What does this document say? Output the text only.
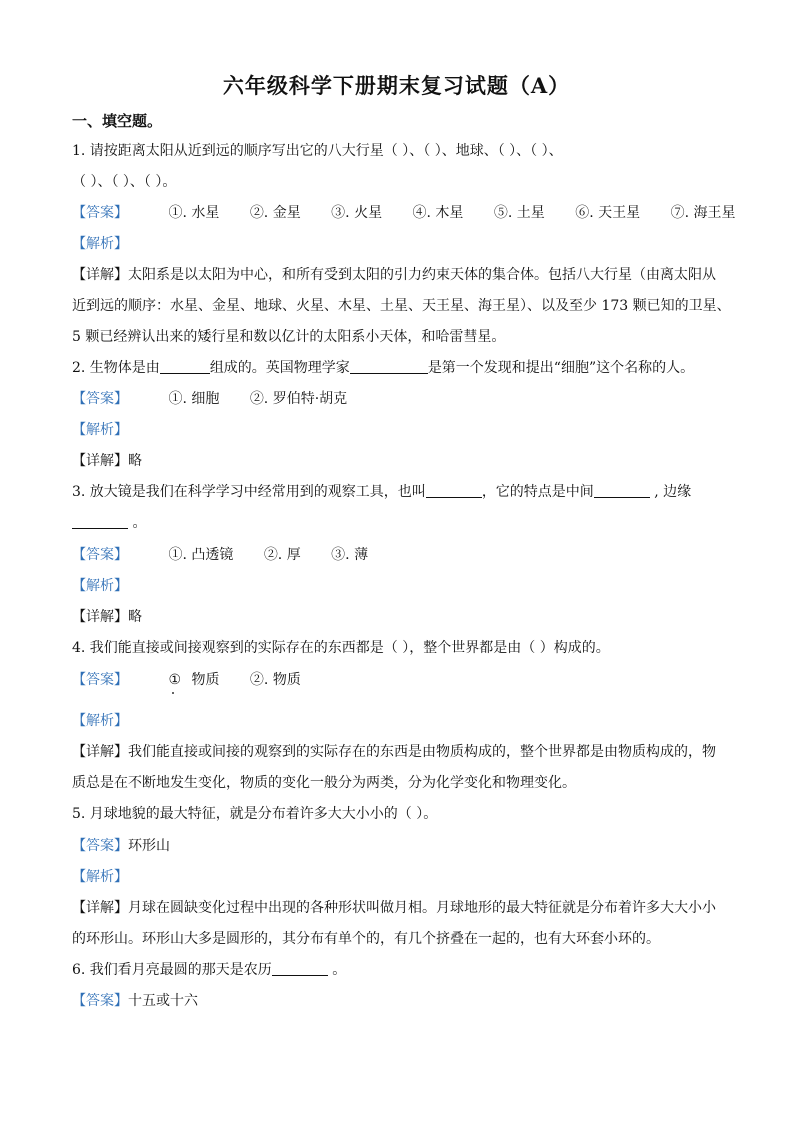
六年级科学下册期末复习试题（A）
一、填空题。
1. 请按距离太阳从近到远的顺序写出它的八大行星（ ）、（ ）、地球、（ ）、（ ）、
（ ）、（ ）、（ ）。
【答案】	①. 水星 ②. 金星 ③. 火星 ④. 木星 ⑤. 土星 ⑥. 天王星 ⑦. 海王星
【解析】
【详解】太阳系是以太阳为中心，和所有受到太阳的引力约束天体的集合体。包括八大行星（由离太阳从
近到远的顺序：水星、金星、地球、火星、木星、土星、天王星、海王星）、以及至少 173 颗已知的卫星、
5 颗已经辨认出来的矮行星和数以亿计的太阳系小天体，和哈雷彗星。
2. 生物体是由	组成的。英国物理学家	是第一个发现和提出“细胞”这个名称的人。
【答案】	①. 细胞 ②. 罗伯特·胡克
【解析】
【详解】略
3. 放大镜是我们在科学学习中经常用到的观察工具，也叫	，它的特点是中间	, 边缘
。
【答案】	①. 凸透镜 ②. 厚 ③. 薄
【解析】
【详解】略
4. 我们能直接或间接观察到的实际存在的东西都是（ ），整个世界都是由（ ）构成的。
【答案】	① 物质 ②. 物质
【解析】
【详解】我们能直接或间接的观察到的实际存在的东西是由物质构成的，整个世界都是由物质构成的，物
质总是在不断地发生变化，物质的变化一般分为两类，分为化学变化和物理变化。
5. 月球地貌的最大特征，就是分布着许多大大小小的（ ）。
【答案】环形山
【解析】
【详解】月球在圆缺变化过程中出现的各种形状叫做月相。月球地形的最大特征就是分布着许多大大小小
的环形山。环形山大多是圆形的，其分布有单个的，有几个挤叠在一起的，也有大环套小环的。
6. 我们看月亮最圆的那天是农历	。
【答案】十五或十六
